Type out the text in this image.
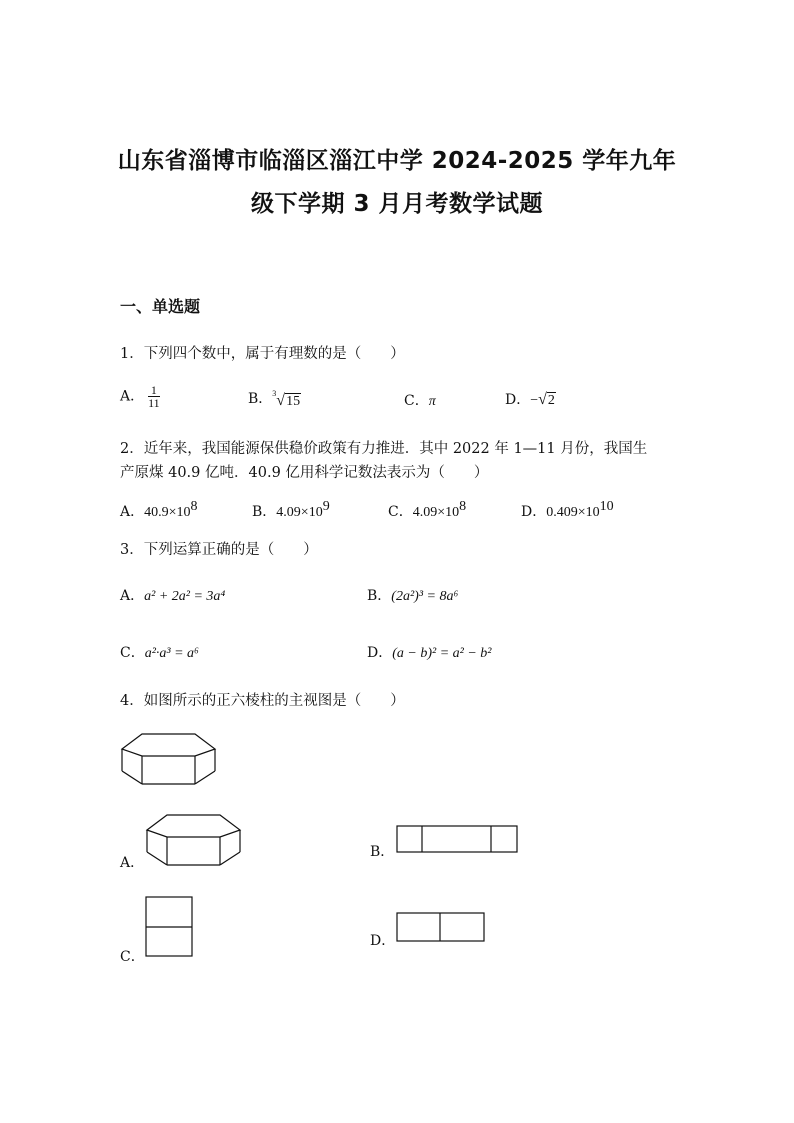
山东省淄博市临淄区淄江中学 2024-2025 学年九年
级下学期 3 月月考数学试题
一、单选题
1．下列四个数中，属于有理数的是（　　）
A． $\frac{1}{11}$	B．$^3$√15	C．π	D．−√2
2．近年来，我国能源保供稳价政策有力推进．其中 2022 年 1—11 月份，我国生
产原煤 40.9 亿吨．40.9 亿用科学记数法表示为（　　）
A．$40.9\times 10^8$	B．$4.09\times 10^9$	C．$4.09\times 10^8$	D．$0.409\times 10^{10}$
3．下列运算正确的是（　　）
A．a² + 2a² = 3a⁴	B．(2a²)³ = 8a⁶
C．a²·a³ = a⁶	D．(a − b)² = a² − b²
4．如图所示的正六棱柱的主视图是（　　）
A．
B．
C．
D．
